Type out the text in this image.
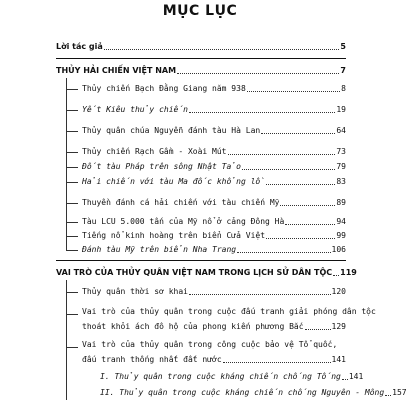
MỤC LỤC
Lời tác giả	5
THỦY HẢI CHIẾN VIỆT NAM	7
Thủy chiến Bạch Đằng Giang năm 938	8
Yết Kiêu thủy chiến	19
Thủy quân chúa Nguyễn đánh tàu Hà Lan	64
Thủy chiến Rạch Gầm - Xoài Mút	73
Đốt tàu Pháp trên sông Nhật Tảo	79
Hải chiến với tàu Ma đốc khổng lồ	83
Thuyền đánh cá hải chiến với tàu chiến Mỹ	89
Tàu LCU 5.000 tấn của Mỹ nổ ở cảng Đông Hà	94
Tiếng nổ kinh hoàng trên biển Cửa Việt	99
Đánh tàu Mỹ trên biển Nha Trang	106
VAI TRÒ CỦA THỦY QUÂN VIỆT NAM TRONG LỊCH SỬ DÂN TỘC 119
Thủy quân thời sơ khai	120
Vai trò của thủy quân trong cuộc đấu tranh giải phóng dân tộc
thoát khỏi ách đô hộ của phong kiến phương Bắc	129
Vai trò của thủy quân trong công cuộc bảo vệ Tổ quốc,
đấu tranh thống nhất đất nước	141
I. Thủy quân trong cuộc kháng chiến chống Tống 141
II. Thủy quân trong cuộc kháng chiến chống Nguyên - Mông 157
